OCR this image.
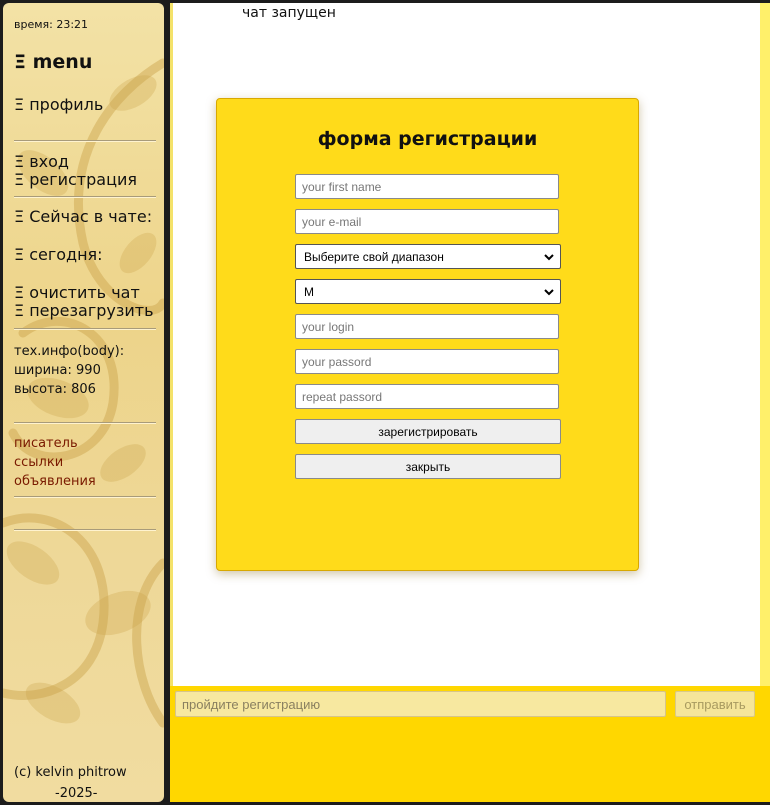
время: 23:21
Ξ menu
Ξ профиль
Ξ вход
Ξ регистрация
Ξ Сейчас в чате:
Ξ сегодня:
Ξ очистить чат
Ξ перезагрузить
тех.инфо(body):
ширина: 990
высота: 806
писатель
ссылки
объявления
(c) kelvin phitrow
-2025-
чат запущен
форма регистрации
your first name
your e-mail
Выберите свой диапазон
М
your login
зарегистрировать
закрыть
пройдите регистрацию
отправить
